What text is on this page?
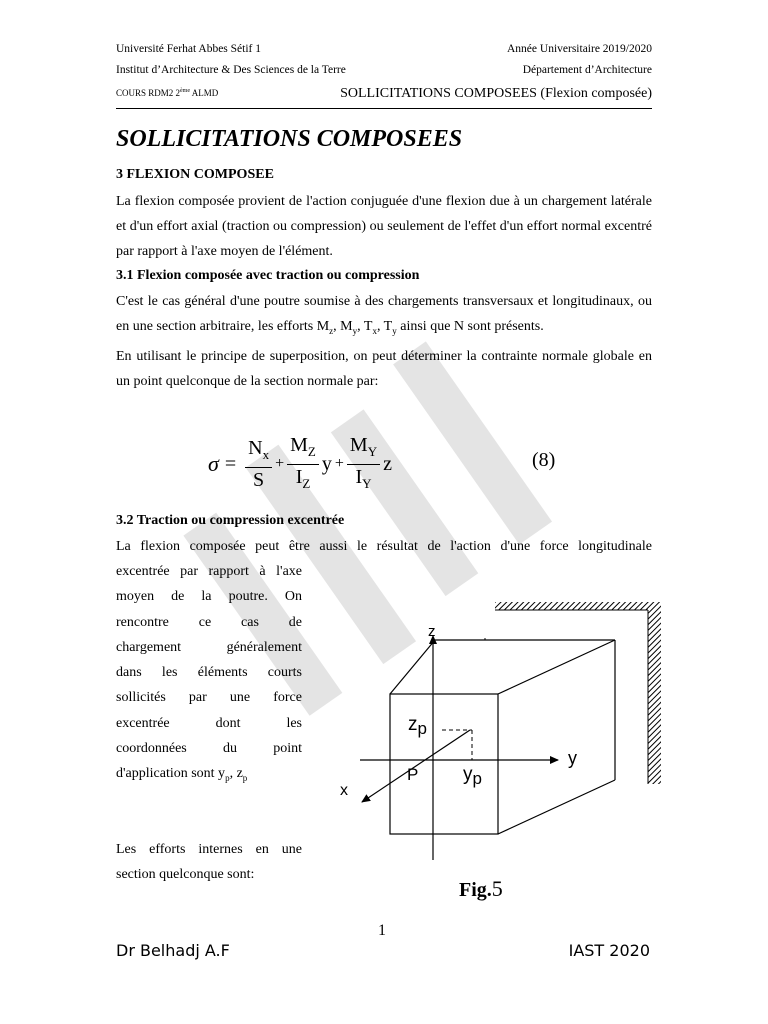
Université Ferhat Abbes Sétif 1	Année Universitaire 2019/2020
Institut d’Architecture & Des Sciences de la Terre	Département d’Architecture
COURS RDM2 2ème ALMD	SOLLICITATIONS COMPOSEES (Flexion composée)
SOLLICITATIONS COMPOSEES
3 FLEXION COMPOSEE

La flexion composée provient de l'action conjuguée d'une flexion due à un chargement latérale et d'un effort axial (traction ou compression) ou seulement de l'effet d'un effort normal excentré par rapport à l'axe moyen de l'élément.

3.1 Flexion composée avec traction ou compression

C'est le cas général d'une poutre soumise à des chargements transversaux et longitudinaux, ou en une section arbitraire, les efforts $M_z$, $M_y$, $T_x$, $T_y$ ainsi que N sont présents.

En utilisant le principe de superposition, on peut déterminer la contrainte normale globale en un point quelconque de la section normale par:

$\sigma = \frac{N_x}{S} + \frac{M_Z}{I_Z}$ $y + \frac{M_Y}{I_Y}$ z	(8)
3.2 Traction ou compression excentrée
La flexion composée peut être aussi le résultat de l'action d'une force longitudinale
excentrée par rapport à l'axe
moyen de la poutre. On
rencontre ce cas de
chargement généralement
dans les éléments courts
sollicités par une force
excentrée dont les
coordonnées du point
d'application sont $y_p$, $z_p$
Les efforts internes en une
section quelconque sont:
z
y
x
P
zp
yp
Fig.5
1
Dr Belhadj A.F	IAST 2020
